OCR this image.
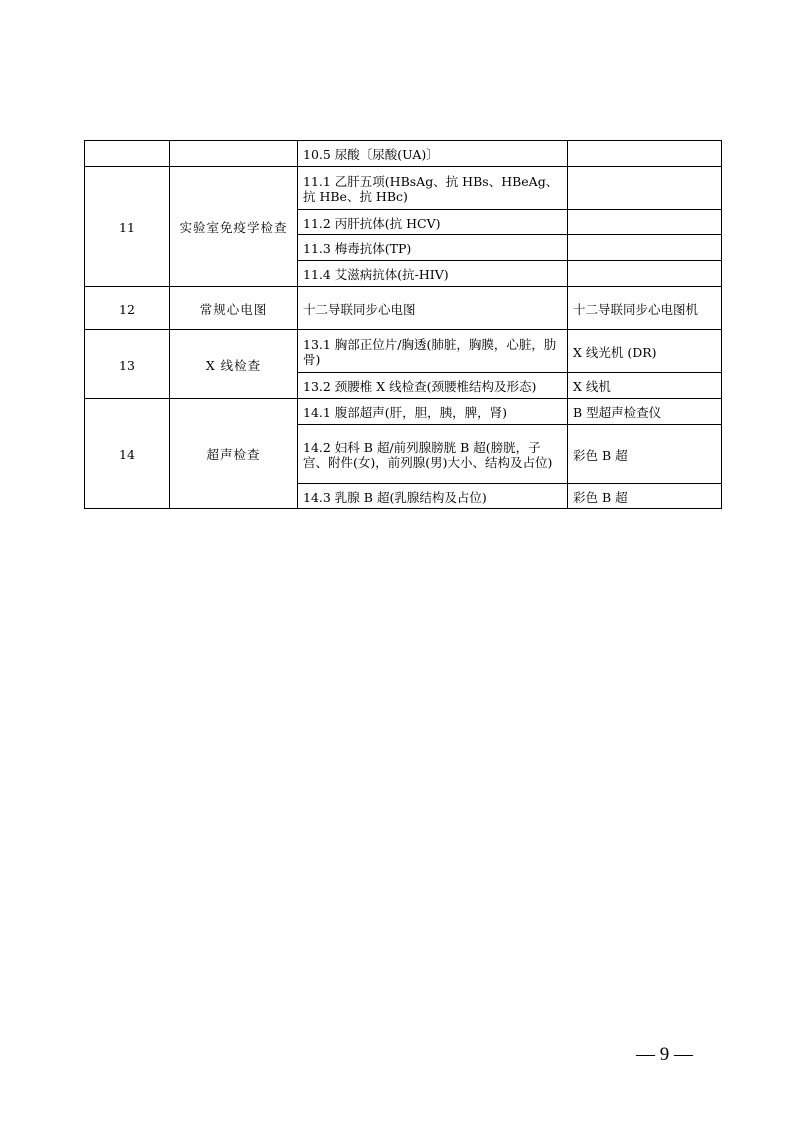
		10.5 尿酸〔尿酸(UA)〕	
11	实验室免疫学检查	11.1 乙肝五项(HBsAg、抗 HBs、HBeAg、抗 HBe、抗 HBc)	
		11.2 丙肝抗体(抗 HCV)	
		11.3 梅毒抗体(TP)	
		11.4 艾滋病抗体(抗-HIV)	
12	常规心电图	十二导联同步心电图	十二导联同步心电图机
13	X 线检查	13.1 胸部正位片/胸透(肺脏，胸膜，心脏，肋骨)	X 线光机 (DR)
		13.2 颈腰椎 X 线检查(颈腰椎结构及形态)	X 线机
14	超声检查	14.1 腹部超声(肝，胆，胰，脾，肾)	B 型超声检查仪
		14.2 妇科 B 超/前列腺膀胱 B 超(膀胱，子宫、附件(女)，前列腺(男)大小、结构及占位)	彩色 B 超
		14.3 乳腺 B 超(乳腺结构及占位)	彩色 B 超
— 9 —
